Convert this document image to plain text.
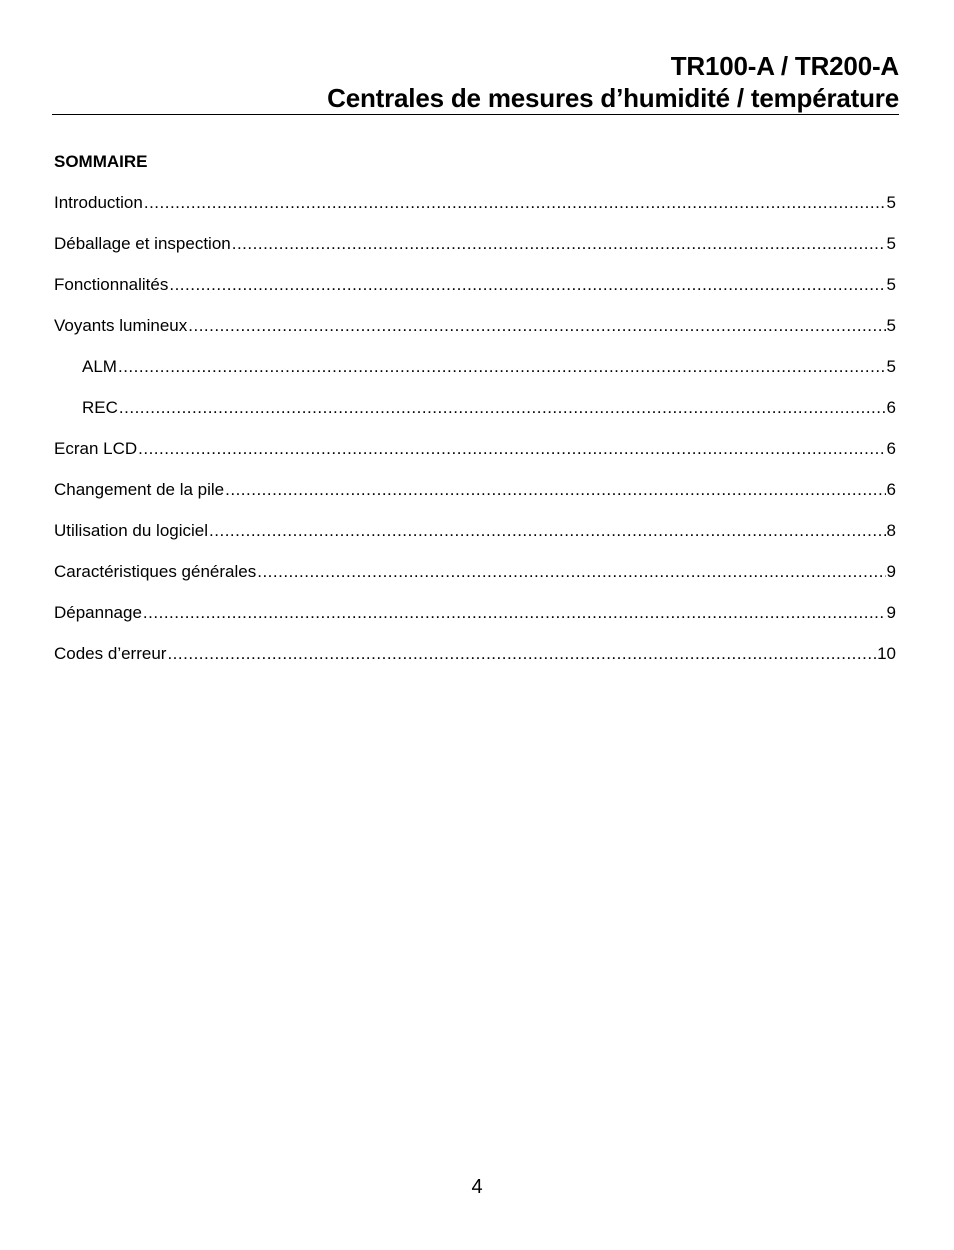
TR100-A / TR200-A
Centrales de mesures d’humidité / température
SOMMAIRE
Introduction .....	5
Déballage et inspection .....	5
Fonctionnalités .....	5
Voyants lumineux .....	5
ALM .....	5
REC .....	6
Ecran LCD .....	6
Changement de la pile .....	6
Utilisation du logiciel .....	8
Caractéristiques générales .....	9
Dépannage .....	9
Codes d’erreur .....	10
4
